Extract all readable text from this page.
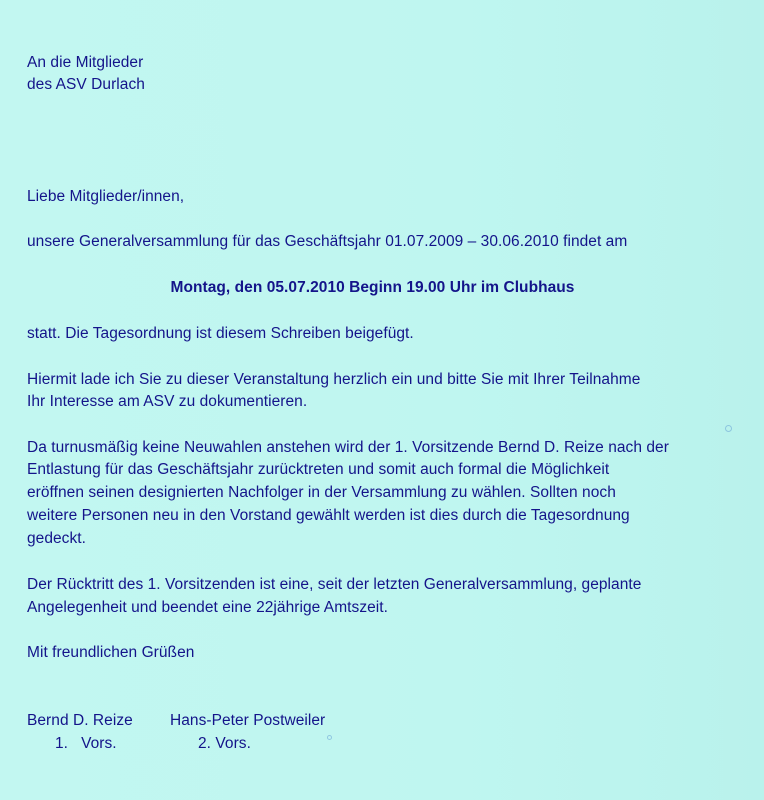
An die Mitglieder
des ASV Durlach
Liebe Mitglieder/innen,
unsere Generalversammlung für das Geschäftsjahr 01.07.2009 – 30.06.2010 findet am
Montag, den 05.07.2010 Beginn 19.00 Uhr im Clubhaus
statt. Die Tagesordnung ist diesem Schreiben beigefügt.
Hiermit lade ich Sie zu dieser Veranstaltung herzlich ein und bitte Sie mit Ihrer Teilnahme
Ihr Interesse am ASV zu dokumentieren.
Da turnusmäßig keine Neuwahlen anstehen wird der 1. Vorsitzende Bernd D. Reize nach der
Entlastung für das Geschäftsjahr zurücktreten und somit auch formal die Möglichkeit
eröffnen seinen designierten Nachfolger in der Versammlung zu wählen. Sollten noch
weitere Personen neu in den Vorstand gewählt werden ist dies durch die Tagesordnung
gedeckt.
Der Rücktritt des 1. Vorsitzenden ist eine, seit der letzten Generalversammlung, geplante
Angelegenheit und beendet eine 22jährige Amtszeit.
Mit freundlichen Grüßen
Bernd D. Reize Hans-Peter Postweiler
1.   Vors.	2. Vors.
